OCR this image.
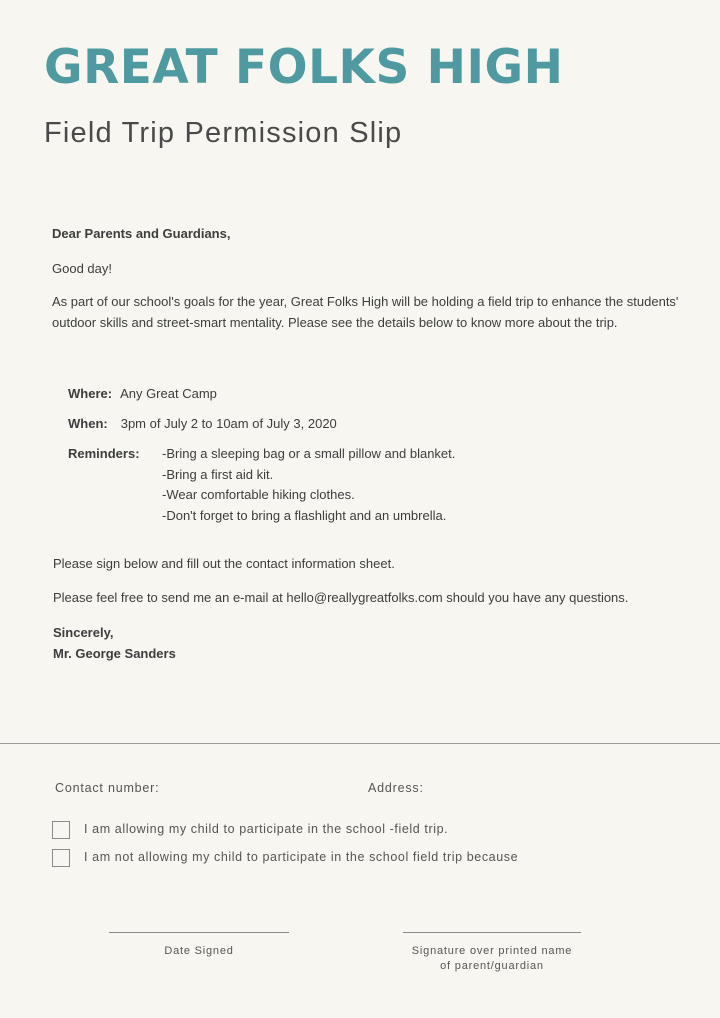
GREAT FOLKS HIGH
Field Trip Permission Slip

Dear Parents and Guardians,

Good day!

As part of our school's goals for the year, Great Folks High will be holding a field trip to enhance the students' outdoor skills and street-smart mentality. Please see the details below to know more about the trip.

Where: Any Great Camp
When: 3pm of July 2 to 10am of July 3, 2020
Reminders: -Bring a sleeping bag or a small pillow and blanket.
-Bring a first aid kit.
-Wear comfortable hiking clothes.
-Don't forget to bring a flashlight and an umbrella.

Please sign below and fill out the contact information sheet.

Please feel free to send me an e-mail at hello@reallygreatfolks.com should you have any questions.

Sincerely,

Mr. George Sanders

Contact number:	Address:
I am allowing my child to participate in the school -field trip.
I am not allowing my child to participate in the school field trip because
Date Signed	Signature over printed name
of parent/guardian
